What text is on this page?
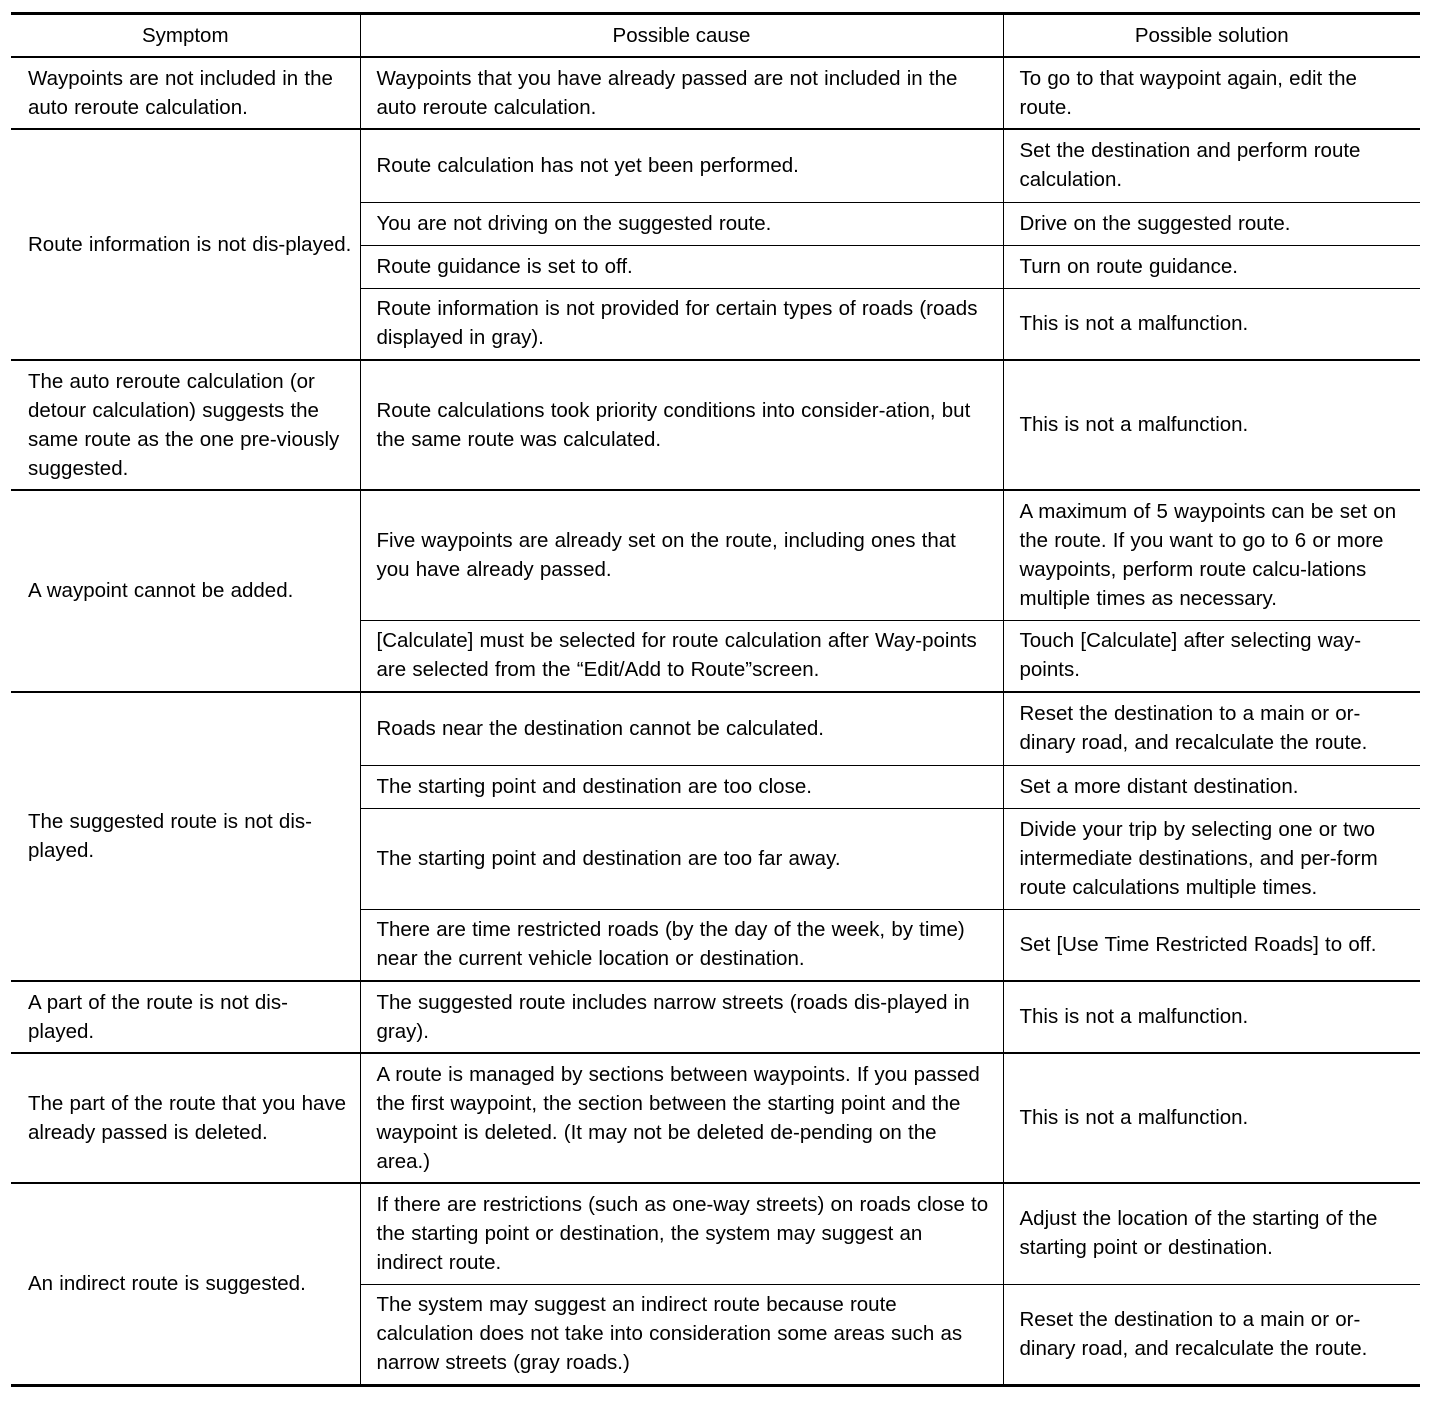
Symptom	Possible cause	Possible solution
Waypoints are not included in the auto reroute calculation.	Waypoints that you have already passed are not included in the auto reroute calculation.	To go to that waypoint again, edit the route.
Route information is not dis-played.	Route calculation has not yet been performed.	Set the destination and perform route calculation.
	You are not driving on the suggested route.	Drive on the suggested route.
	Route guidance is set to off.	Turn on route guidance.
	Route information is not provided for certain types of roads (roads displayed in gray).	This is not a malfunction.
The auto reroute calculation (or detour calculation) suggests the same route as the one pre-viously suggested.	Route calculations took priority conditions into consider-ation, but the same route was calculated.	This is not a malfunction.
A waypoint cannot be added.	Five waypoints are already set on the route, including ones that you have already passed.	A maximum of 5 waypoints can be set on the route. If you want to go to 6 or more waypoints, perform route calcu-lations multiple times as necessary.
	[Calculate] must be selected for route calculation after Way-points are selected from the “Edit/Add to Route”screen.	Touch [Calculate] after selecting way-points.
The suggested route is not dis-played.	Roads near the destination cannot be calculated.	Reset the destination to a main or or-dinary road, and recalculate the route.
	The starting point and destination are too close.	Set a more distant destination.
	The starting point and destination are too far away.	Divide your trip by selecting one or two intermediate destinations, and per-form route calculations multiple times.
	There are time restricted roads (by the day of the week, by time) near the current vehicle location or destination.	Set [Use Time Restricted Roads] to off.
A part of the route is not dis-played.	The suggested route includes narrow streets (roads dis-played in gray).	This is not a malfunction.
The part of the route that you have already passed is deleted.	A route is managed by sections between waypoints. If you passed the first waypoint, the section between the starting point and the waypoint is deleted. (It may not be deleted de-pending on the area.)	This is not a malfunction.
An indirect route is suggested.	If there are restrictions (such as one-way streets) on roads close to the starting point or destination, the system may suggest an indirect route.	Adjust the location of the starting of the starting point or destination.
	The system may suggest an indirect route because route calculation does not take into consideration some areas such as narrow streets (gray roads.)	Reset the destination to a main or or-dinary road, and recalculate the route.
